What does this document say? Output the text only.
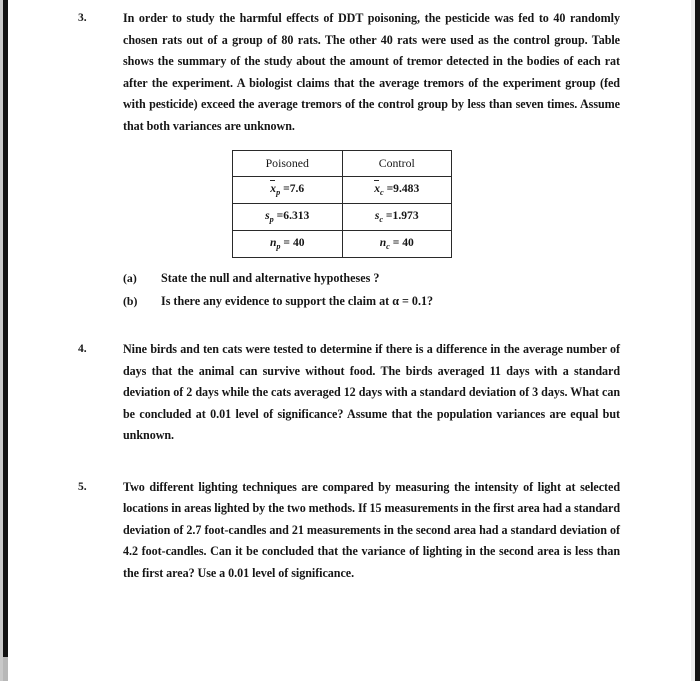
3.	In order to study the harmful effects of DDT poisoning, the pesticide was fed to 40 randomly chosen rats out of a group of 80 rats. The other 40 rats were used as the control group. Table shows the summary of the study about the amount of tremor detected in the bodies of each rat after the experiment. A biologist claims that the average tremors of the experiment group (fed with pesticide) exceed the average tremors of the control group by less than seven times. Assume that both variances are unknown.
Poisoned	Control
$x_p =7.6$	$x_c =9.483$
$s_p =6.313$	$s_c =1.973$
$n_p = 40$	$n_c = 40$
(a)	State the null and alternative hypotheses ?
(b)	Is there any evidence to support the claim at α = 0.1?
4.	Nine birds and ten cats were tested to determine if there is a difference in the average number of days that the animal can survive without food. The birds averaged 11 days with a standard deviation of 2 days while the cats averaged 12 days with a standard deviation of 3 days. What can be concluded at 0.01 level of significance? Assume that the population variances are equal but unknown.
5.	Two different lighting techniques are compared by measuring the intensity of light at selected locations in areas lighted by the two methods. If 15 measurements in the first area had a standard deviation of 2.7 foot-candles and 21 measurements in the second area had a standard deviation of 4.2 foot-candles. Can it be concluded that the variance of lighting in the second area is less than the first area? Use a 0.01 level of significance.
